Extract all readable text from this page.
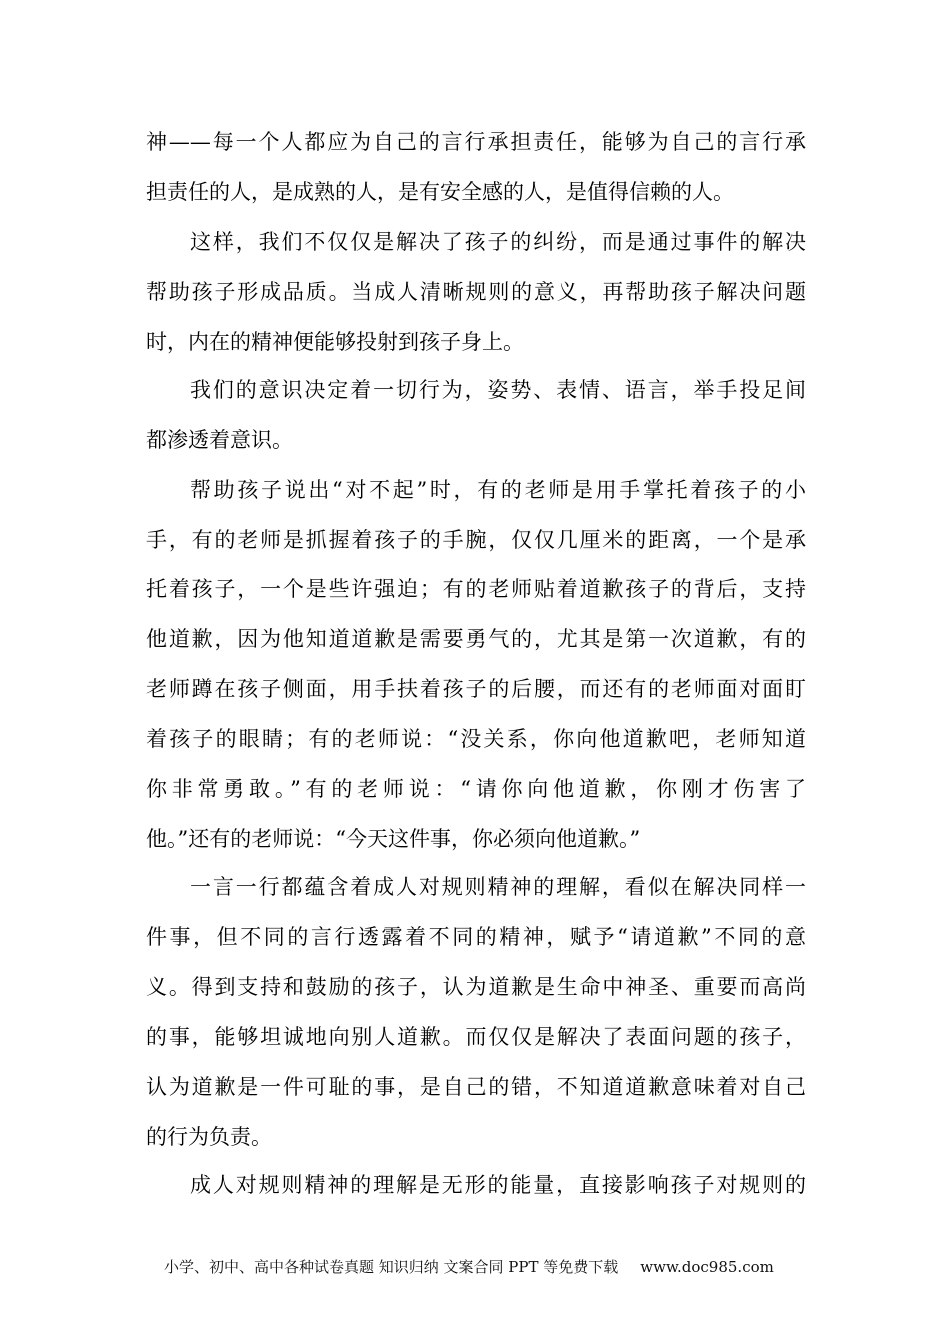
神——每一个人都应为自己的言行承担责任，能够为自己的言行承
担责任的人，是成熟的人，是有安全感的人，是值得信赖的人。
这样，我们不仅仅是解决了孩子的纠纷，而是通过事件的解决
帮助孩子形成品质。当成人清晰规则的意义，再帮助孩子解决问题
时，内在的精神便能够投射到孩子身上。
我们的意识决定着一切行为，姿势、表情、语言，举手投足间
都渗透着意识。
帮助孩子说出“对不起”时，有的老师是用手掌托着孩子的小
手，有的老师是抓握着孩子的手腕，仅仅几厘米的距离，一个是承
托着孩子，一个是些许强迫；有的老师贴着道歉孩子的背后，支持
他道歉，因为他知道道歉是需要勇气的，尤其是第一次道歉，有的
老师蹲在孩子侧面，用手扶着孩子的后腰，而还有的老师面对面盯
着孩子的眼睛；有的老师说：“没关系，你向他道歉吧，老师知道
你非常勇敢。”有的老师说：“请你向他道歉，你刚才伤害了
他。”还有的老师说：“今天这件事，你必须向他道歉。”
一言一行都蕴含着成人对规则精神的理解，看似在解决同样一
件事，但不同的言行透露着不同的精神，赋予“请道歉”不同的意
义。得到支持和鼓励的孩子，认为道歉是生命中神圣、重要而高尚
的事，能够坦诚地向别人道歉。而仅仅是解决了表面问题的孩子，
认为道歉是一件可耻的事，是自己的错，不知道道歉意味着对自己
的行为负责。
成人对规则精神的理解是无形的能量，直接影响孩子对规则的
小学、初中、高中各种试卷真题 知识归纳 文案合同 PPT 等免费下载 www.doc985.com
